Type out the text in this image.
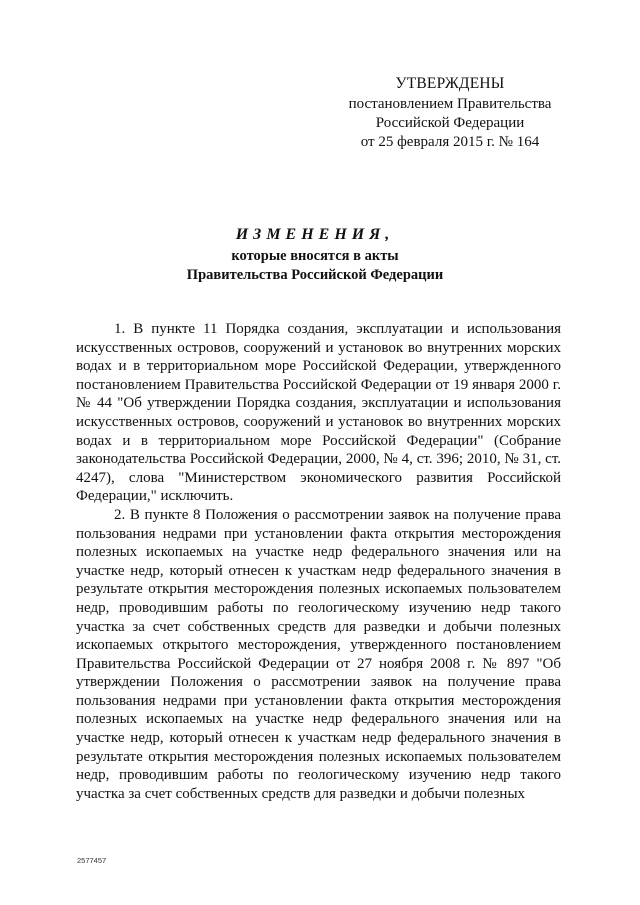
УТВЕРЖДЕНЫ
постановлением Правительства
Российской Федерации
от 25 февраля 2015 г. № 164
ИЗМЕНЕНИЯ,
которые вносятся в акты
Правительства Российской Федерации

1. В пункте 11 Порядка создания, эксплуатации и использования искусственных островов, сооружений и установок во внутренних морских водах и в территориальном море Российской Федерации, утвержденного постановлением Правительства Российской Федерации от 19 января 2000 г. № 44 "Об утверждении Порядка создания, эксплуатации и использования искусственных островов, сооружений и установок во внутренних морских водах и в территориальном море Российской Федерации" (Собрание законодательства Российской Федерации, 2000, № 4, ст. 396; 2010, № 31, ст. 4247), слова "Министерством экономического развития Российской Федерации," исключить.

2. В пункте 8 Положения о рассмотрении заявок на получение права пользования недрами при установлении факта открытия месторождения полезных ископаемых на участке недр федерального значения или на участке недр, который отнесен к участкам недр федерального значения в результате открытия месторождения полезных ископаемых пользователем недр, проводившим работы по геологическому изучению недр такого участка за счет собственных средств для разведки и добычи полезных ископаемых открытого месторождения, утвержденного постановлением Правительства Российской Федерации от 27 ноября 2008 г. № 897 "Об утверждении Положения о рассмотрении заявок на получение права пользования недрами при установлении факта открытия месторождения полезных ископаемых на участке недр федерального значения или на участке недр, который отнесен к участкам недр федерального значения в результате открытия месторождения полезных ископаемых пользователем недр, проводившим работы по геологическому изучению недр такого участка за счет собственных средств для разведки и добычи полезных

2577457
